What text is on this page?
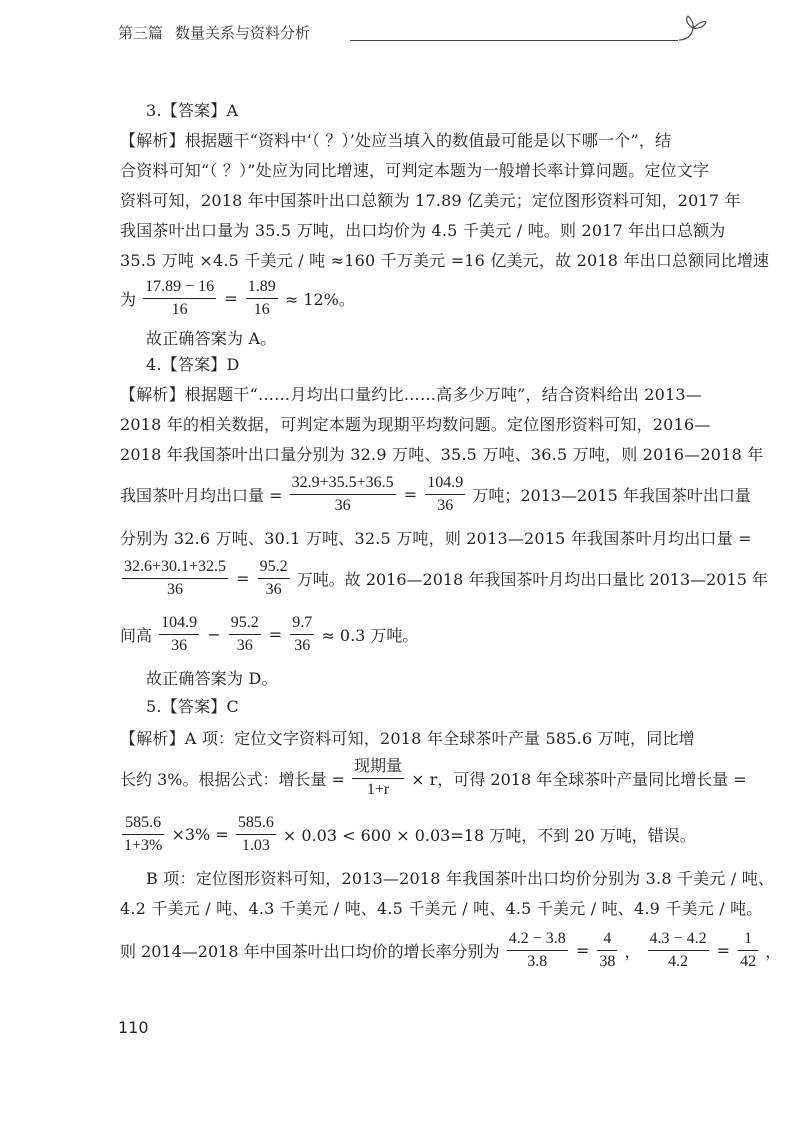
第三篇 数量关系与资料分析
3.【答案】A
【解析】根据题干“资料中‘（ ？）’处应当填入的数值最可能是以下哪一个”，结
合资料可知“（ ？）”处应为同比增速，可判定本题为一般增长率计算问题。定位文字
资料可知，2018 年中国茶叶出口总额为 17.89 亿美元；定位图形资料可知，2017 年
我国茶叶出口量为 35.5 万吨，出口均价为 4.5 千美元 / 吨。则 2017 年出口总额为
35.5 万吨 ×4.5 千美元 / 吨 ≈160 千万美元 =16 亿美元，故 2018 年出口总额同比增速
为 $\frac{17.89 - 16}{16} = \frac{1.89}{16} \approx 12\%$。
故正确答案为 A。
4.【答案】D
【解析】根据题干“……月均出口量约比……高多少万吨”，结合资料给出 2013—
2018 年的相关数据，可判定本题为现期平均数问题。定位图形资料可知，2016—
2018 年我国茶叶出口量分别为 32.9 万吨、35.5 万吨、36.5 万吨，则 2016—2018 年
我国茶叶月均出口量 = $\frac{32.9+35.5+36.5}{36} = \frac{104.9}{36}$ 万吨；2013—2015 年我国茶叶出口量
分别为 32.6 万吨、30.1 万吨、32.5 万吨，则 2013—2015 年我国茶叶月均出口量 =
$\frac{32.6+30.1+32.5}{36} = \frac{95.2}{36}$ 万吨。故 2016—2018 年我国茶叶月均出口量比 2013—2015 年
间高 $\frac{104.9}{36} - \frac{95.2}{36} = \frac{9.7}{36} \approx 0.3$ 万吨。
故正确答案为 D。
5.【答案】C
【解析】A 项：定位文字资料可知，2018 年全球茶叶产量 585.6 万吨，同比增
长约 3%。根据公式：增长量 = $\frac{\text{现期量}}{1+r} \times r$，可得 2018 年全球茶叶产量同比增长量 =
$\frac{585.6}{1+3\%} \times 3\% = \frac{585.6}{1.03} \times 0.03 < 600 \times 0.03=18$ 万吨，不到 20 万吨，错误。
B 项：定位图形资料可知，2013—2018 年我国茶叶出口均价分别为 3.8 千美元 / 吨、
4.2 千美元 / 吨、4.3 千美元 / 吨、4.5 千美元 / 吨、4.5 千美元 / 吨、4.9 千美元 / 吨。
则 2014—2018 年中国茶叶出口均价的增长率分别为 $\frac{4.2 - 3.8}{3.8} = \frac{4}{38}$ ， $\frac{4.3 - 4.2}{4.2} = \frac{1}{42}$ ，
110
